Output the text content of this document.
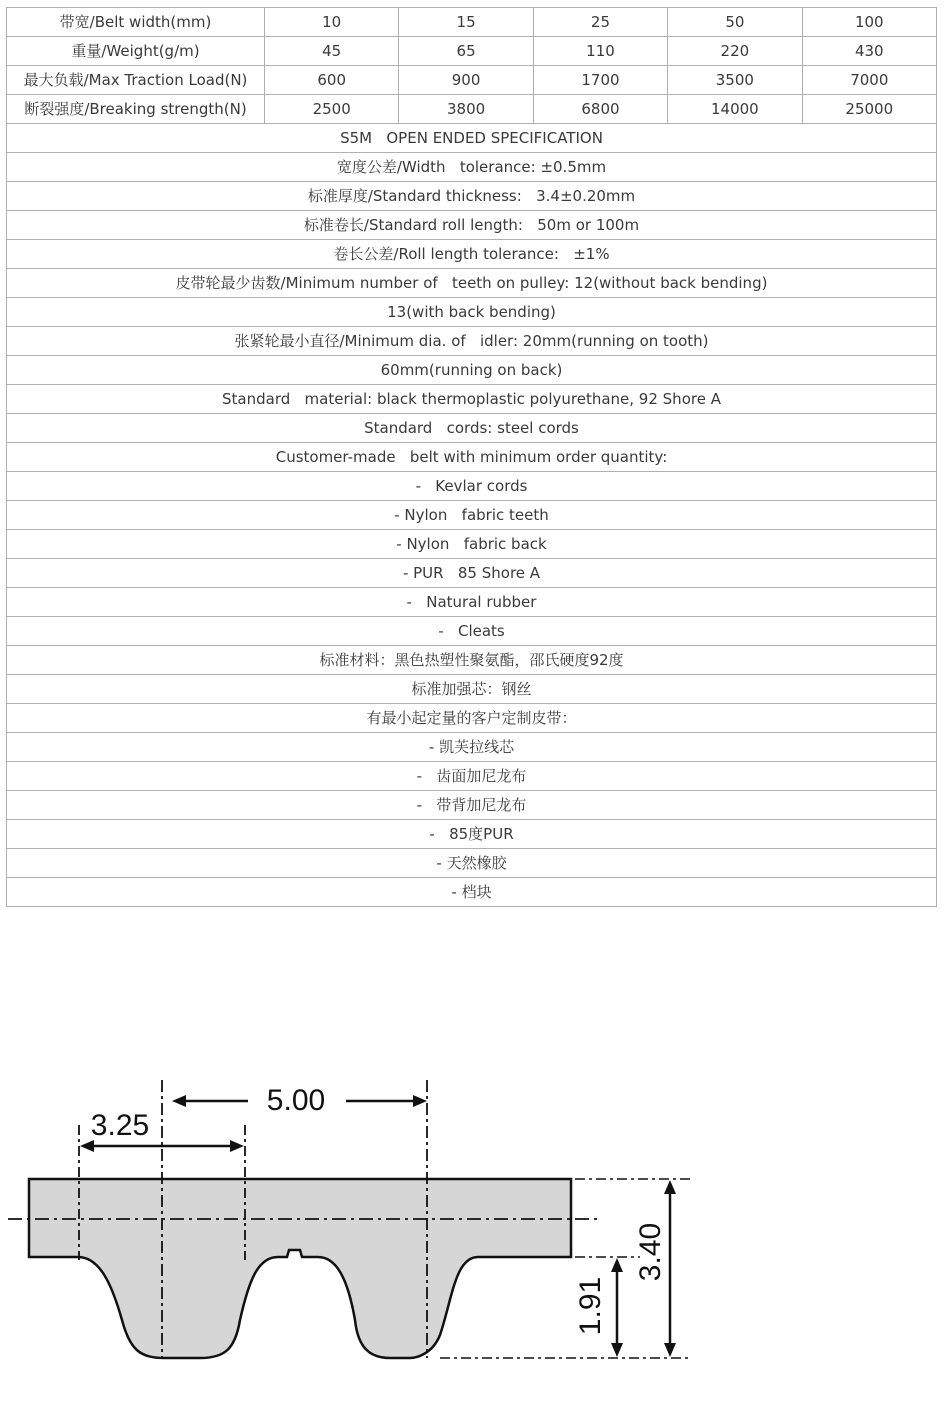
带宽/Belt width(mm)	10	15	25	50	100
重量/Weight(g/m)	45	65	110	220	430
最大负载/Max Traction Load(N)	600	900	1700	3500	7000
断裂强度/Breaking strength(N)	2500	3800	6800	14000	25000
S5M   OPEN ENDED SPECIFICATION
宽度公差/Width   tolerance: ±0.5mm
标准厚度/Standard thickness:   3.4±0.20mm
标准卷长/Standard roll length:   50m or 100m
卷长公差/Roll length tolerance:   ±1%
皮带轮最少齿数/Minimum number of   teeth on pulley: 12(without back bending)
13(with back bending)
张紧轮最小直径/Minimum dia. of   idler: 20mm(running on tooth)
60mm(running on back)
Standard   material: black thermoplastic polyurethane, 92 Shore A
Standard   cords: steel cords
Customer-made   belt with minimum order quantity:
-   Kevlar cords
- Nylon   fabric teeth
- Nylon   fabric back
- PUR   85 Shore A
-   Natural rubber
-   Cleats
标准材料：黑色热塑性聚氨酯，邵氏硬度92度
标准加强芯：钢丝
有最小起定量的客户定制皮带：
- 凯芙拉线芯
-   齿面加尼龙布
-   带背加尼龙布
-   85度PUR
- 天然橡胶
- 档块
5.00
3.25
3.40
1.91
